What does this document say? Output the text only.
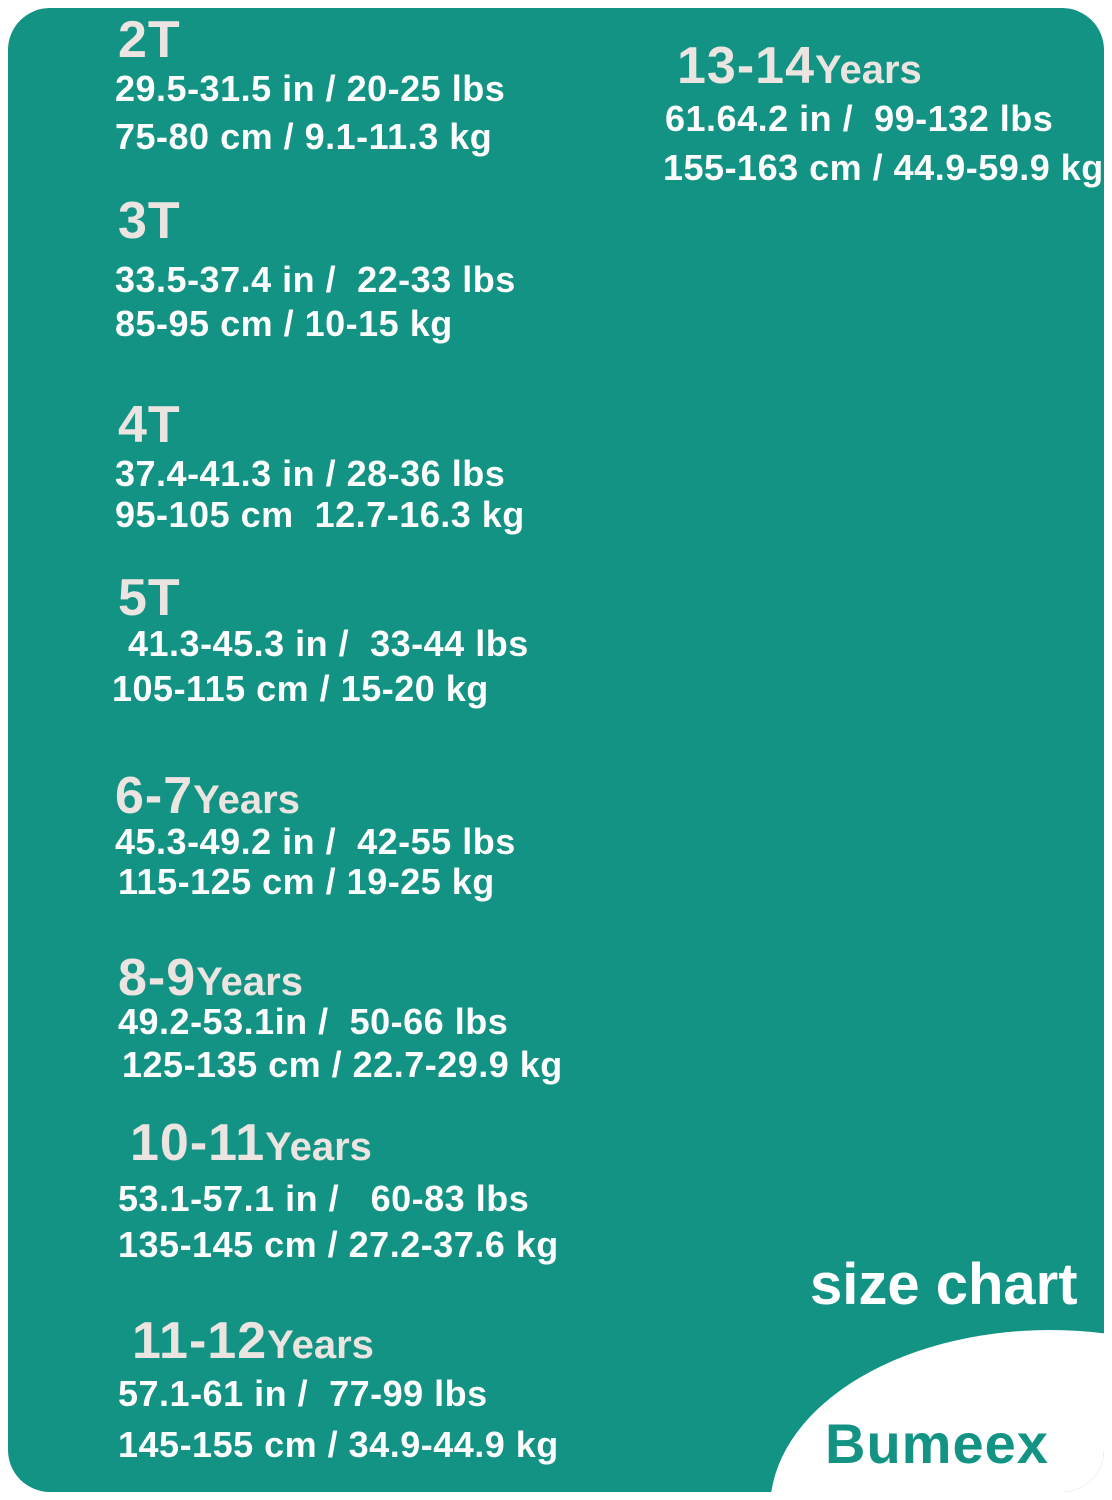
2T
29.5-31.5 in / 20-25 lbs
75-80 cm / 9.1-11.3 kg
3T
33.5-37.4 in /  22-33 lbs
85-95 cm / 10-15 kg
4T
37.4-41.3 in / 28-36 lbs
95-105 cm  12.7-16.3 kg
5T
41.3-45.3 in /  33-44 lbs
105-115 cm / 15-20 kg
6-7Years
45.3-49.2 in /  42-55 lbs
115-125 cm / 19-25 kg
8-9Years
49.2-53.1in /  50-66 lbs
125-135 cm / 22.7-29.9 kg
10-11Years
53.1-57.1 in /   60-83 lbs
135-145 cm / 27.2-37.6 kg
11-12Years
57.1-61 in /  77-99 lbs
145-155 cm / 34.9-44.9 kg
13-14Years
61.64.2 in /  99-132 lbs
155-163 cm / 44.9-59.9 kg
size chart
Bumeex
